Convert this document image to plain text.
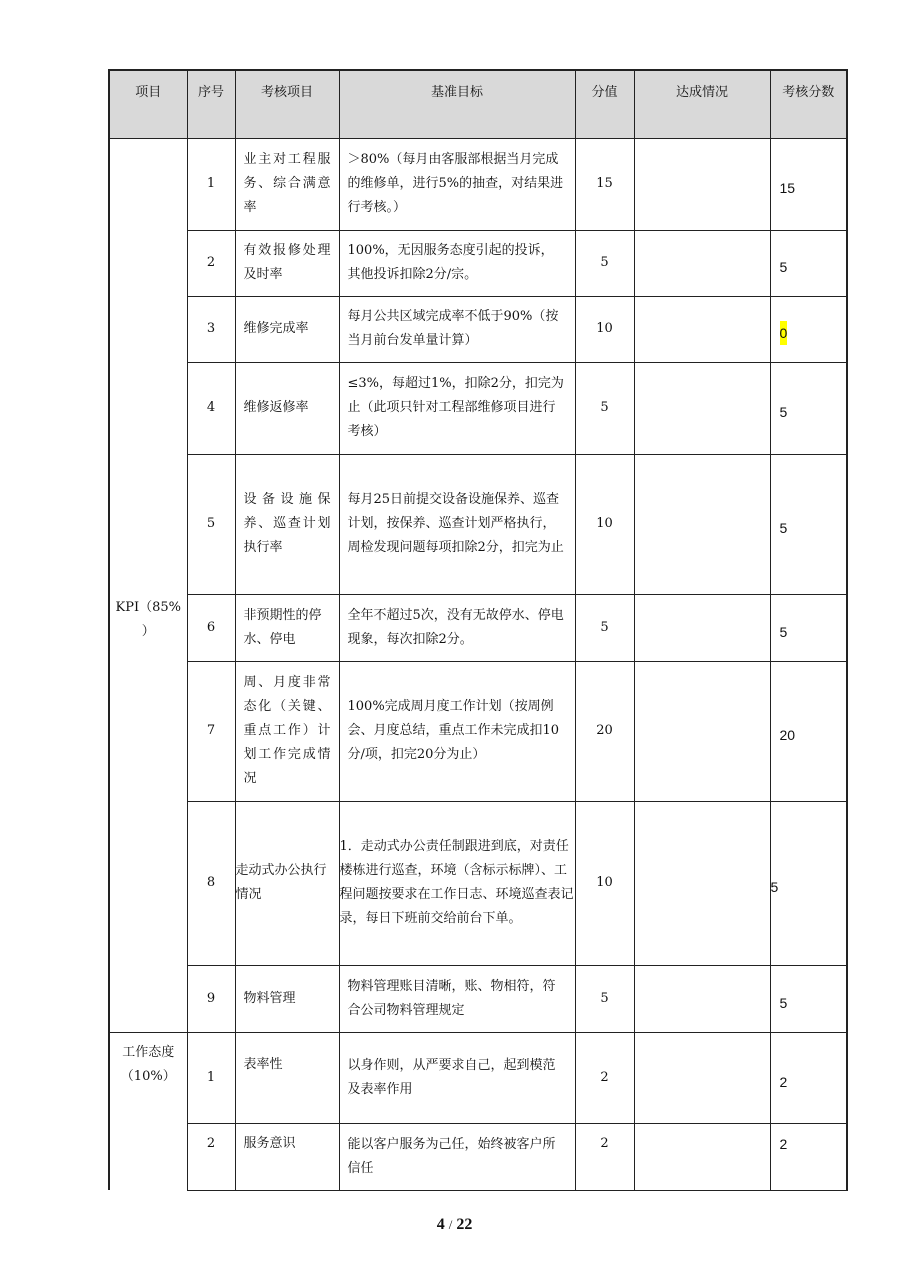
项目	序号	考核项目	基准目标	分值	达成情况	考核分数

KPI（85%
）	1	业主对工程服务、综合满意率	＞80%（每月由客服部根据当月完成的维修单，进行5%的抽查，对结果进行考核。）	15		15
	2	有效报修处理及时率	100%，无因服务态度引起的投诉，其他投诉扣除2分/宗。	5		5
	3	维修完成率	每月公共区域完成率不低于90%（按当月前台发单量计算）	10		0
	4	维修返修率	≤3%，每超过1%，扣除2分，扣完为止（此项只针对工程部维修项目进行考核）	5		5
	5	设备设施保养、巡查计划执行率	每月25日前提交设备设施保养、巡查计划，按保养、巡查计划严格执行，周检发现问题每项扣除2分，扣完为止	10		5
	6	非预期性的停水、停电	全年不超过5次，没有无故停水、停电现象，每次扣除2分。	5		5
	7	周、月度非常态化（关键、重点工作）计划工作完成情况	100%完成周月度工作计划（按周例会、月度总结，重点工作未完成扣10分/项，扣完20分为止）	20		20
	8	走动式办公执行情况	1．走动式办公责任制跟进到底，对责任楼栋进行巡查，环境（含标示标牌）、工程问题按要求在工作日志、环境巡查表记录，每日下班前交给前台下单。	10		5
	9	物料管理	物料管理账目清晰，账、物相符，符合公司物料管理规定	5		5

工作态度
（10%）	1	表率性	以身作则，从严要求自己，起到模范及表率作用	2		2
	2	服务意识	能以客户服务为己任，始终被客户所信任	2		2
4 / 22
